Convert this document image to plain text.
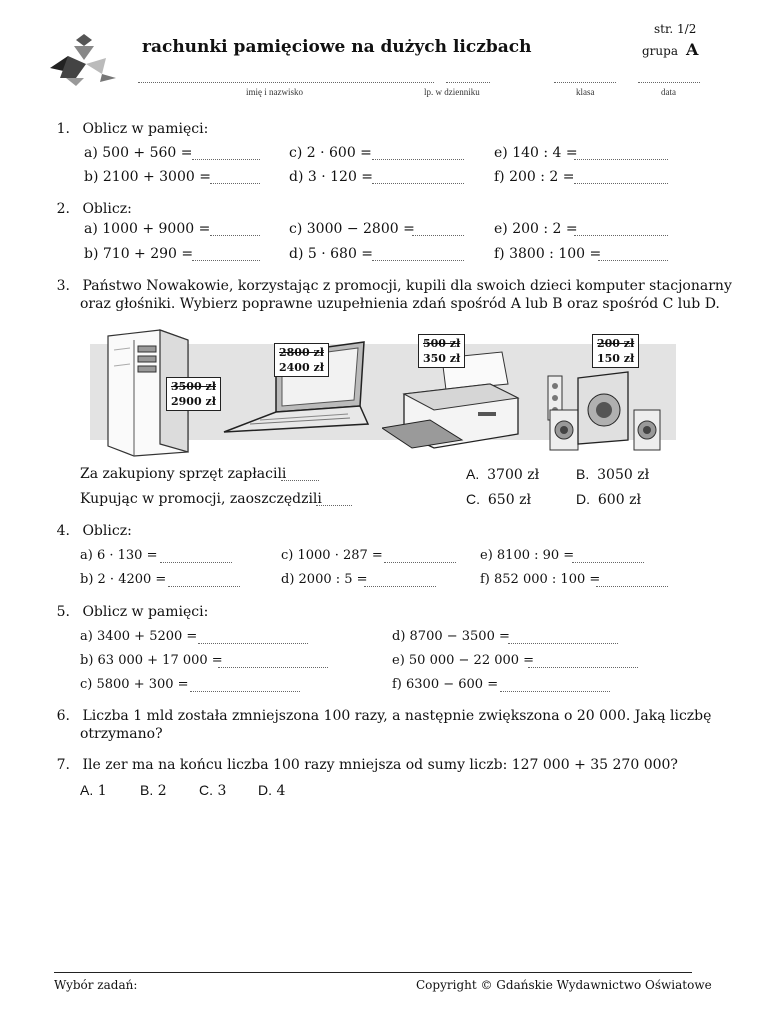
rachunki pamięciowe na dużych liczbach
str. 1/2
grupa A
imię i nazwisko	lp. w dzienniku	klasa	data
1. Oblicz w pamięci:
a) 500 + 560 =	c) 2 · 600 =	e) 140 : 4 =
b) 2100 + 3000 =	d) 3 · 120 =	f) 200 : 2 =
2. Oblicz:
a) 1000 + 9000 =	c) 3000 − 2800 =	e) 200 : 2 =
b) 710 + 290 =	d) 5 · 680 =	f) 3800 : 100 =
3. Państwo Nowakowie, korzystając z promocji, kupili dla swoich dzieci komputer stacjonarny
oraz głośniki. Wybierz poprawne uzupełnienia zdań spośród A lub B oraz spośród C lub D.
3500 zł
2900 zł
2800 zł
2400 zł
500 zł
350 zł
200 zł
150 zł
Za zakupiony sprzęt zapłacili	A. 3700 zł	B. 3050 zł
Kupując w promocji, zaoszczędzili	C. 650 zł	D. 600 zł
4. Oblicz:
a) 6 · 130 =	c) 1000 · 287 =	e) 8100 : 90 =
b) 2 · 4200 =	d) 2000 : 5 =	f) 852 000 : 100 =
5. Oblicz w pamięci:
a) 3400 + 5200 =	d) 8700 − 3500 =
b) 63 000 + 17 000 =	e) 50 000 − 22 000 =
c) 5800 + 300 =	f) 6300 − 600 =
6. Liczba 1 mld została zmniejszona 100 razy, a następnie zwiększona o 20 000. Jaką liczbę
otrzymano?
7. Ile zer ma na końcu liczba 100 razy mniejsza od sumy liczb: 127 000 + 35 270 000?
A. 1 B. 2 C. 3 D. 4
Wybór zadań:	Copyright © Gdańskie Wydawnictwo Oświatowe
